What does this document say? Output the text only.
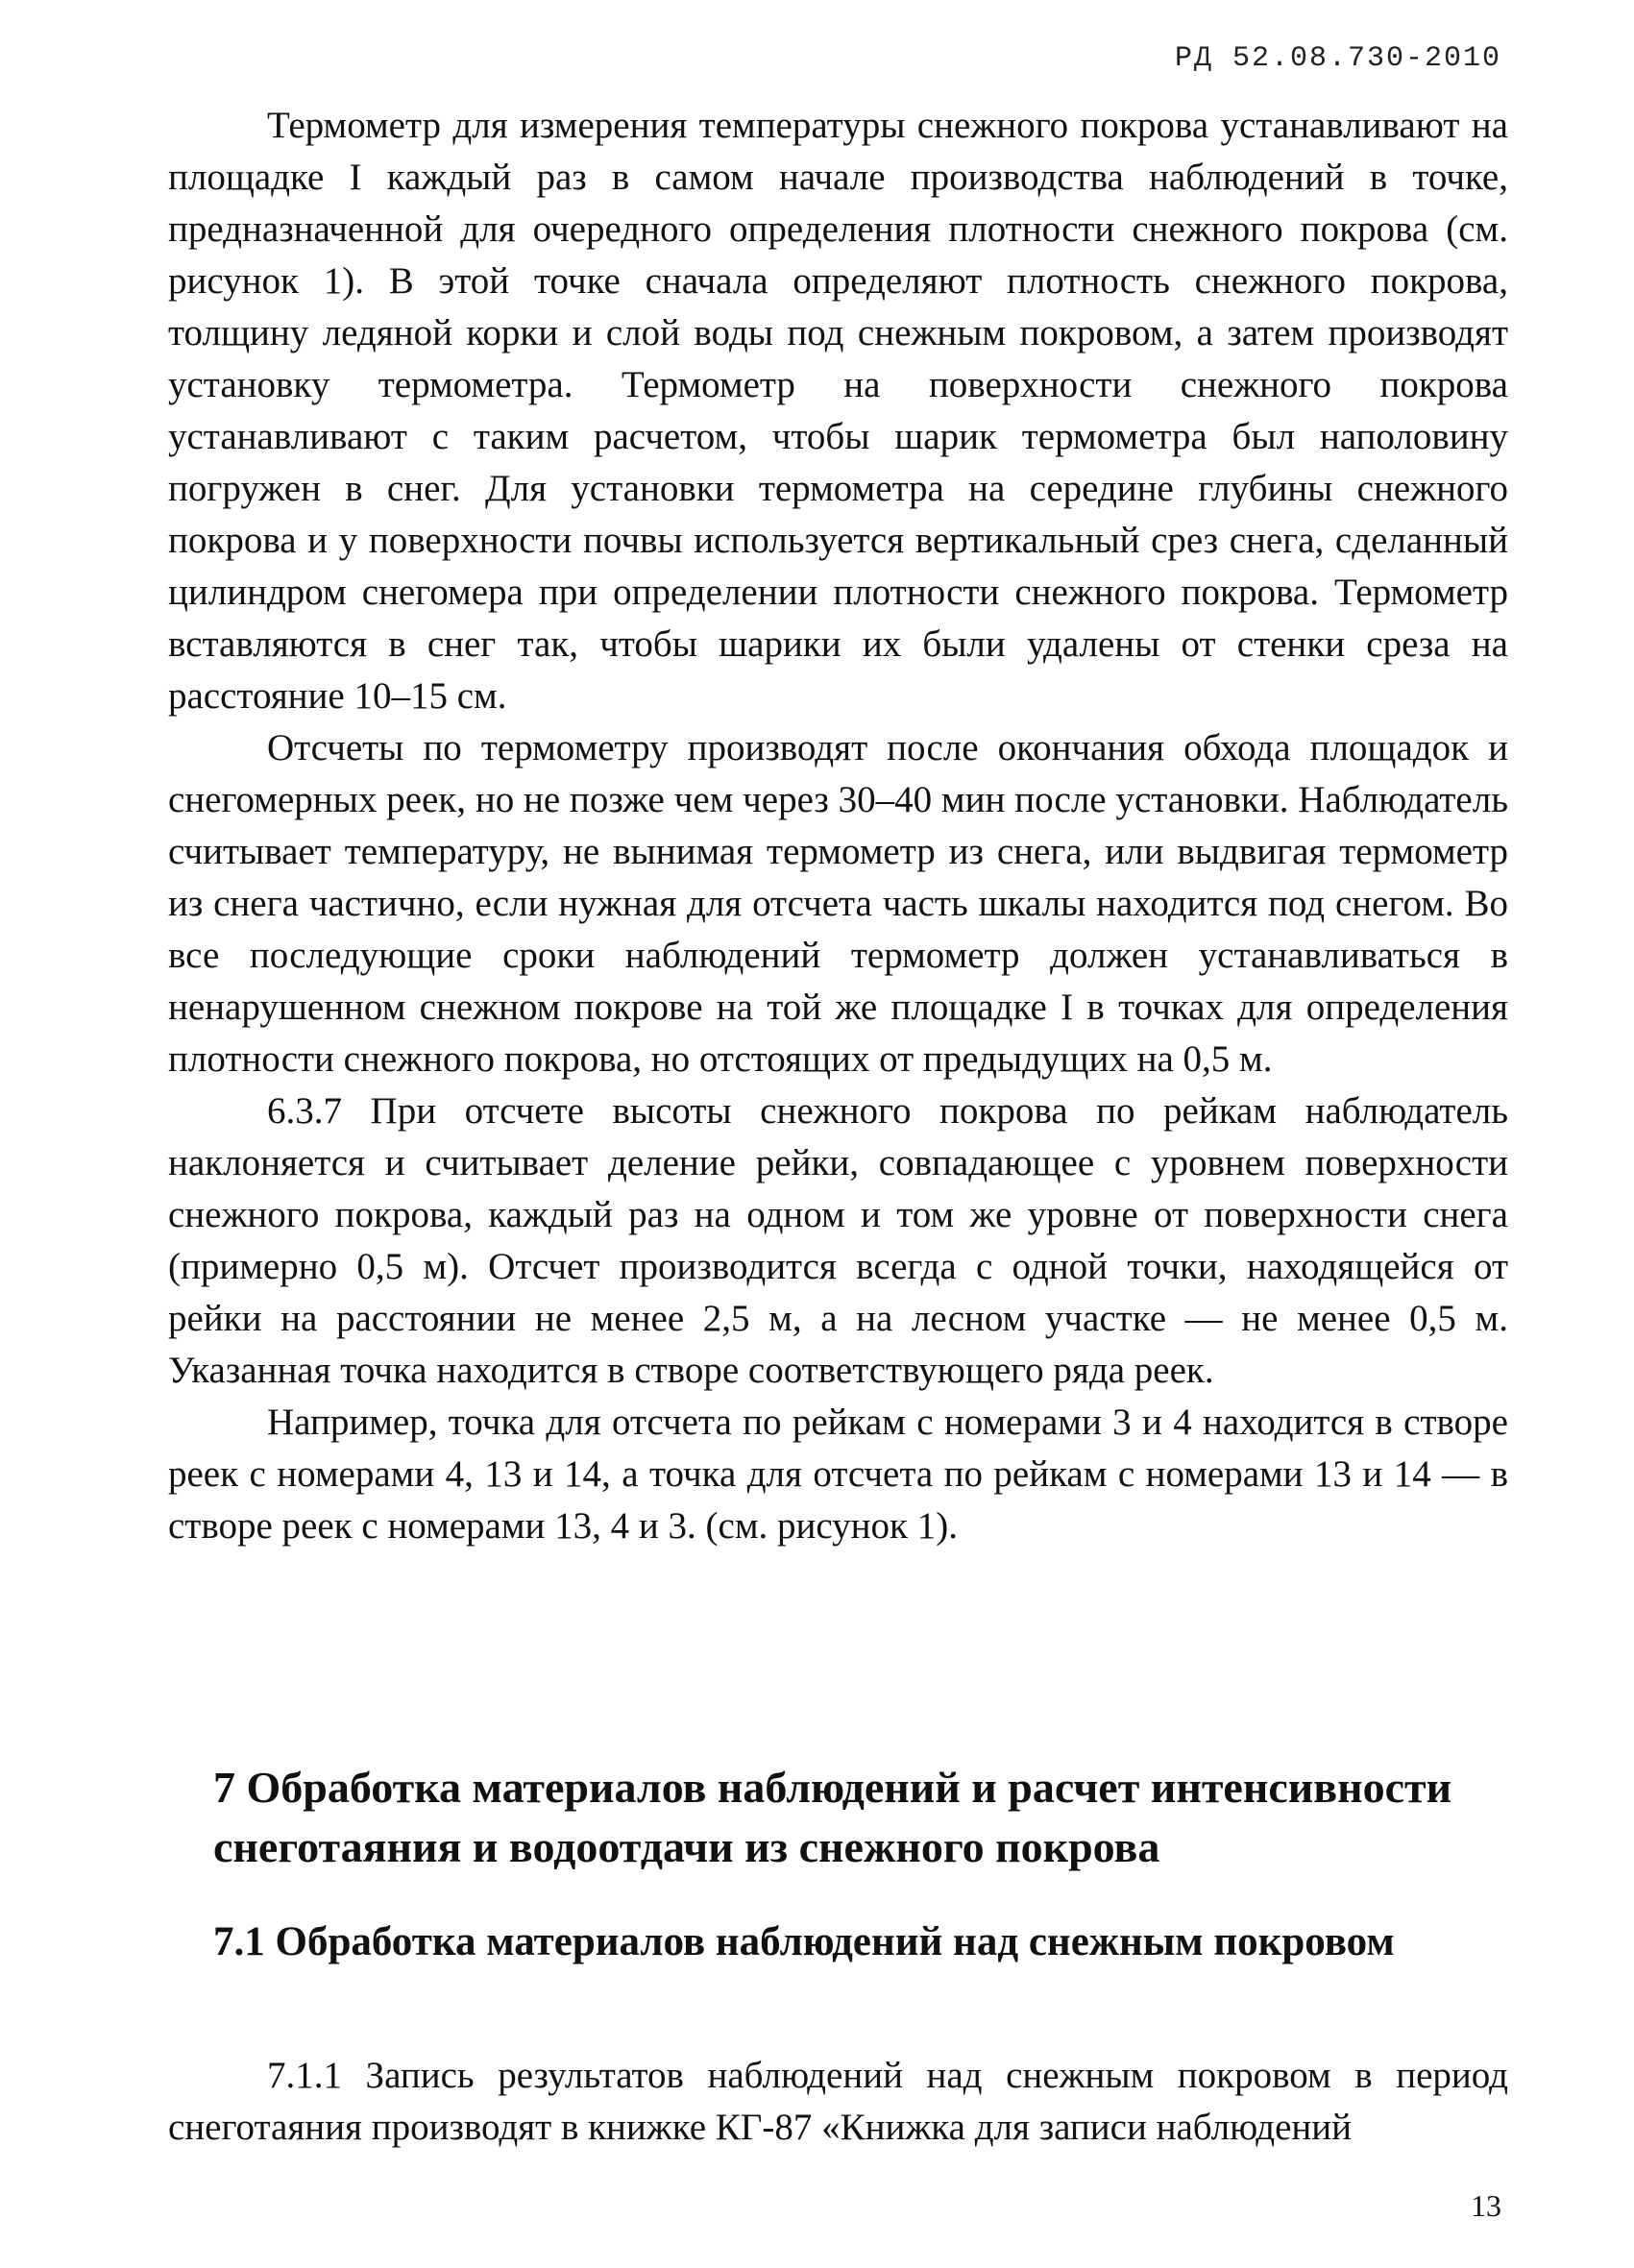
РД 52.08.730-2010

Термометр для измерения температуры снежного покрова устанавливают на площадке I каждый раз в самом начале производства наблюдений в точке, предназначенной для очередного определения плотности снежного покрова (см. рисунок 1). В этой точке сначала определяют плотность снежного покрова, толщину ледяной корки и слой воды под снежным покровом, а затем производят установку термометра. Термометр на поверхности снежного покрова устанавливают с таким расчетом, чтобы шарик термометра был наполовину погружен в снег. Для установки термометра на середине глубины снежного покрова и у поверхности почвы используется вертикальный срез снега, сделанный цилиндром снегомера при определении плотности снежного покрова. Термометр вставляются в снег так, чтобы шарики их были удалены от стенки среза на расстояние 10–15 см.

Отсчеты по термометру производят после окончания обхода площадок и снегомерных реек, но не позже чем через 30–40 мин после установки. Наблюдатель считывает температуру, не вынимая термометр из снега, или выдвигая термометр из снега частично, если нужная для отсчета часть шкалы находится под снегом. Во все последующие сроки наблюдений термометр должен устанавливаться в ненарушенном снежном покрове на той же площадке I в точках для определения плотности снежного покрова, но отстоящих от предыдущих на 0,5 м.

6.3.7 При отсчете высоты снежного покрова по рейкам наблюдатель наклоняется и считывает деление рейки, совпадающее с уровнем поверхности снежного покрова, каждый раз на одном и том же уровне от поверхности снега (примерно 0,5 м). Отсчет производится всегда с одной точки, находящейся от рейки на расстоянии не менее 2,5 м, а на лесном участке — не менее 0,5 м. Указанная точка находится в створе соответствующего ряда реек.

Например, точка для отсчета по рейкам с номерами 3 и 4 находится в створе реек с номерами 4, 13 и 14, а точка для отсчета по рейкам с номерами 13 и 14 — в створе реек с номерами 13, 4 и 3. (см. рисунок 1).

7 Обработка материалов наблюдений и расчет интенсивности снеготаяния и водоотдачи из снежного покрова
7.1 Обработка материалов наблюдений над снежным покровом

7.1.1 Запись результатов наблюдений над снежным покровом в период снеготаяния производят в книжке КГ-87 «Книжка для записи наблюдений

13
